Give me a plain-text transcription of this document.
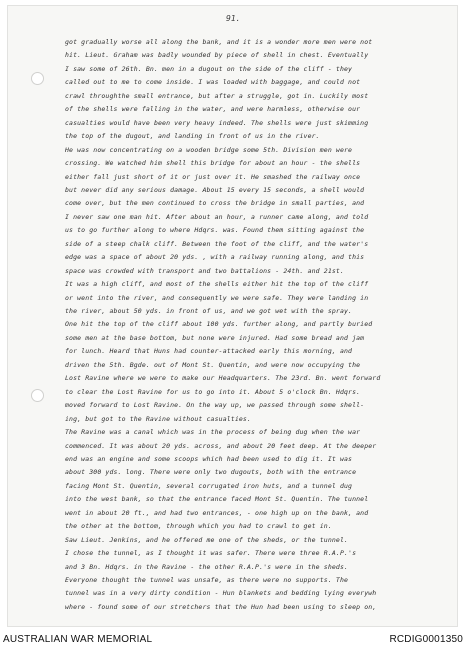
91.
got gradually worse all along the bank, and it is a wonder more men were not
hit. Lieut. Graham was badly wounded by piece of shell in chest. Eventually
I saw some of 26th. Bn. men in a dugout on the side of the cliff - they
called out to me to come inside. I was loaded with baggage, and could not
crawl throughthe small entrance, but after a struggle, got in. Luckily most
of the shells were falling in the water, and were harmless, otherwise our
casualties would have been very heavy indeed. The shells were just skimming
the top of the dugout, and landing in front of us in the river.
He was now concentrating on a wooden bridge some 5th. Division men were
crossing. We watched him shell this bridge for about an hour - the shells
either fall just short of it or just over it. He smashed the railway once
but never did any serious damage. About 15 every 15 seconds, a shell would
come over, but the men continued to cross the bridge in small parties, and
I never saw one man hit. After about an hour, a runner came along, and told
us to go further along to where Hdqrs. was. Found them sitting against the
side of a steep chalk cliff. Between the foot of the cliff, and the water's
edge was a space of about 20 yds. , with a railway running along, and this
space was crowded with transport and two battalions - 24th. and 21st.
It was a high cliff, and most of the shells either hit the top of the cliff
or went into the river, and consequently we were safe. They were landing in
the river, about 50 yds. in front of us, and we got wet with the spray.
One hit the top of the cliff about 100 yds. further along, and partly buried
some men at the base bottom, but none were injured. Had some bread and jam
for lunch. Heard that Huns had counter-attacked early this morning, and
driven the 5th. Bgde. out of Mont St. Quentin, and were now occupying the
Lost Ravine where we were to make our Headquarters. The 23rd. Bn. went forward
to clear the Lost Ravine for us to go into it. About 5 o'clock Bn. Hdqrs.
moved forward to Lost Ravine. On the way up, we passed through some shell-
ing, but got to the Ravine without casualties.
The Ravine was a canal which was in the process of being dug when the war
commenced. It was about 20 yds. across, and about 20 feet deep. At the deeper
end was an engine and some scoops which had been used to dig it. It was
about 300 yds. long. There were only two dugouts, both with the entrance
facing Mont St. Quentin, several corrugated iron huts, and a tunnel dug
into the west bank, so that the entrance faced Mont St. Quentin. The tunnel
went in about 20 ft., and had two entrances, - one high up on the bank, and
the other at the bottom, through which you had to crawl to get in.
Saw Lieut. Jenkins, and he offered me one of the sheds, or the tunnel.
I chose the tunnel, as I thought it was safer. There were three R.A.P.'s
and 3 Bn. Hdqrs. in the Ravine - the other R.A.P.'s were in the sheds.
Everyone thought the tunnel was unsafe, as there were no supports. The
tunnel was in a very dirty condition - Hun blankets and bedding lying everywh
where - found some of our stretchers that the Hun had been using to sleep on,
AUSTRALIAN WAR MEMORIAL	RCDIG0001350
